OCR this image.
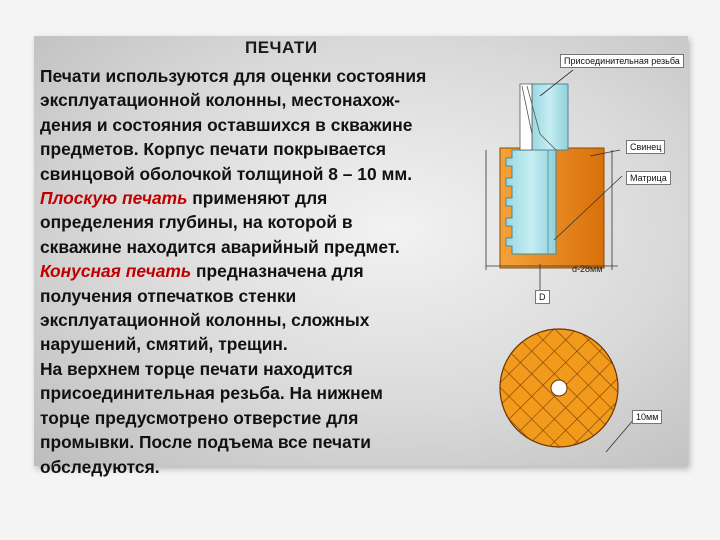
ПЕЧАТИ

Печати используются для оценки состояния

эксплуатационной колонны, местонахож-

дения и состояния оставшихся в скважине

предметов. Корпус печати покрывается

свинцовой оболочкой толщиной 8 – 10 мм.

Плоскую печать применяют для

определения глубины, на которой в

скважине находится аварийный предмет.

Конусная печать предназначена для

получения отпечатков стенки

эксплуатационной колонны, сложных

нарушений, смятий, трещин.

На верхнем торце печати находится

присоединительная резьба. На нижнем

торце предусмотрено отверстие для

промывки. После подъема все печати

обследуются.

Присоединительная резьба
Свинец
Матрица
d-28мм
D
10мм
